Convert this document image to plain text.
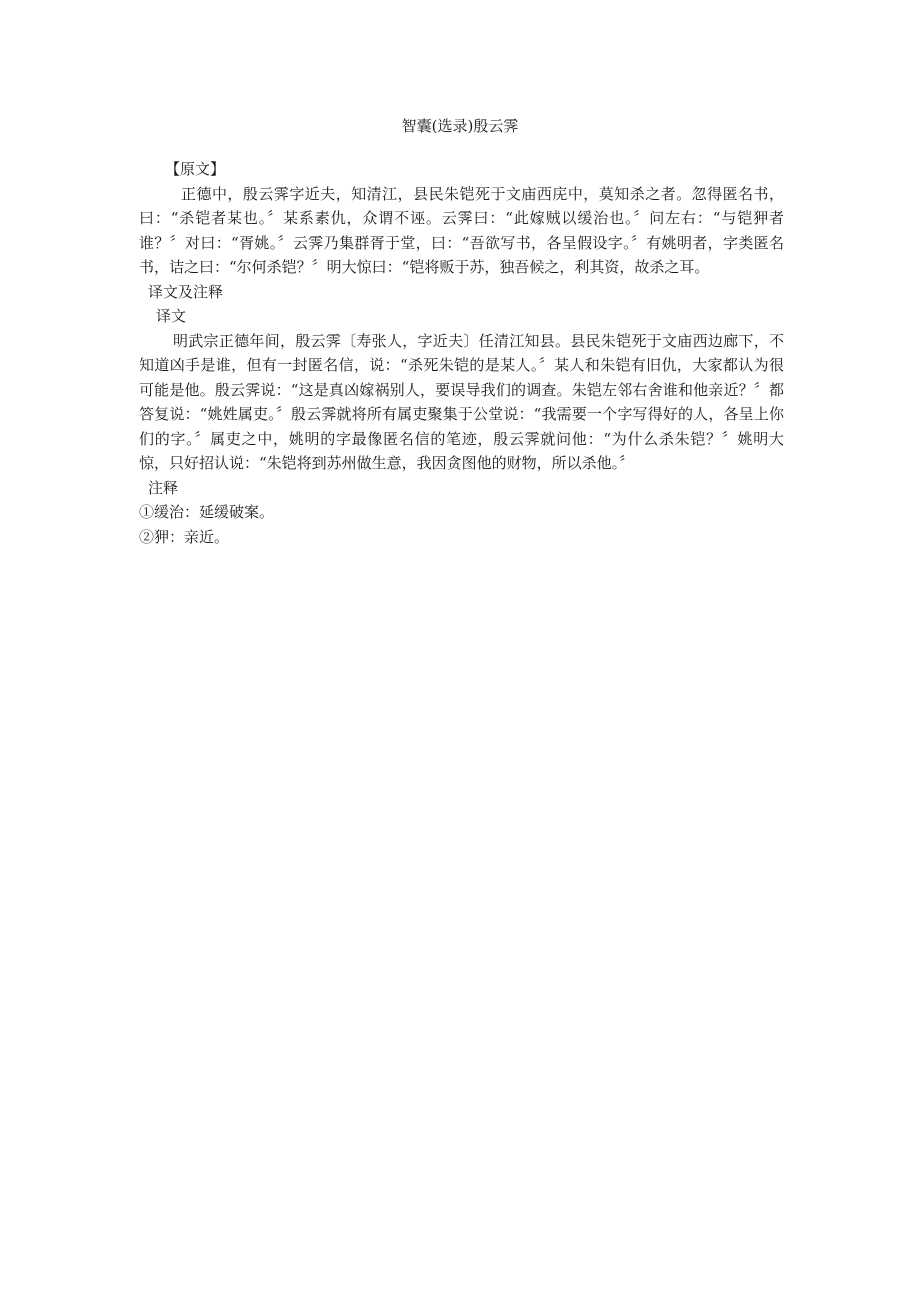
智囊(选录)殷云霁
【原文】

正德中，殷云霁字近夫，知清江，县民朱铠死于文庙西庑中，莫知杀之者。忽得匿名书，曰：“杀铠者某也。〞某系素仇，众谓不诬。云霁曰：“此嫁贼以缓治也。〞问左右：“与铠狎者谁？〞对曰：“胥姚。〞云霁乃集群胥于堂，曰：“吾欲写书，各呈假设字。〞有姚明者，字类匿名书，诘之曰：“尔何杀铠？〞明大惊曰：“铠将贩于苏，独吾候之，利其资，故杀之耳。

译文及注释
译文

明武宗正德年间，殷云霁〔寿张人，字近夫〕任清江知县。县民朱铠死于文庙西边廊下，不知道凶手是谁，但有一封匿名信，说：“杀死朱铠的是某人。〞某人和朱铠有旧仇，大家都认为很可能是他。殷云霁说：“这是真凶嫁祸别人，要误导我们的调查。朱铠左邻右舍谁和他亲近？〞都答复说：“姚姓属吏。〞殷云霁就将所有属吏聚集于公堂说：“我需要一个字写得好的人，各呈上你们的字。〞属吏之中，姚明的字最像匿名信的笔迹，殷云霁就问他：“为什么杀朱铠？〞姚明大惊，只好招认说：“朱铠将到苏州做生意，我因贪图他的财物，所以杀他。〞

注释
①缓治：延缓破案。
②狎：亲近。
